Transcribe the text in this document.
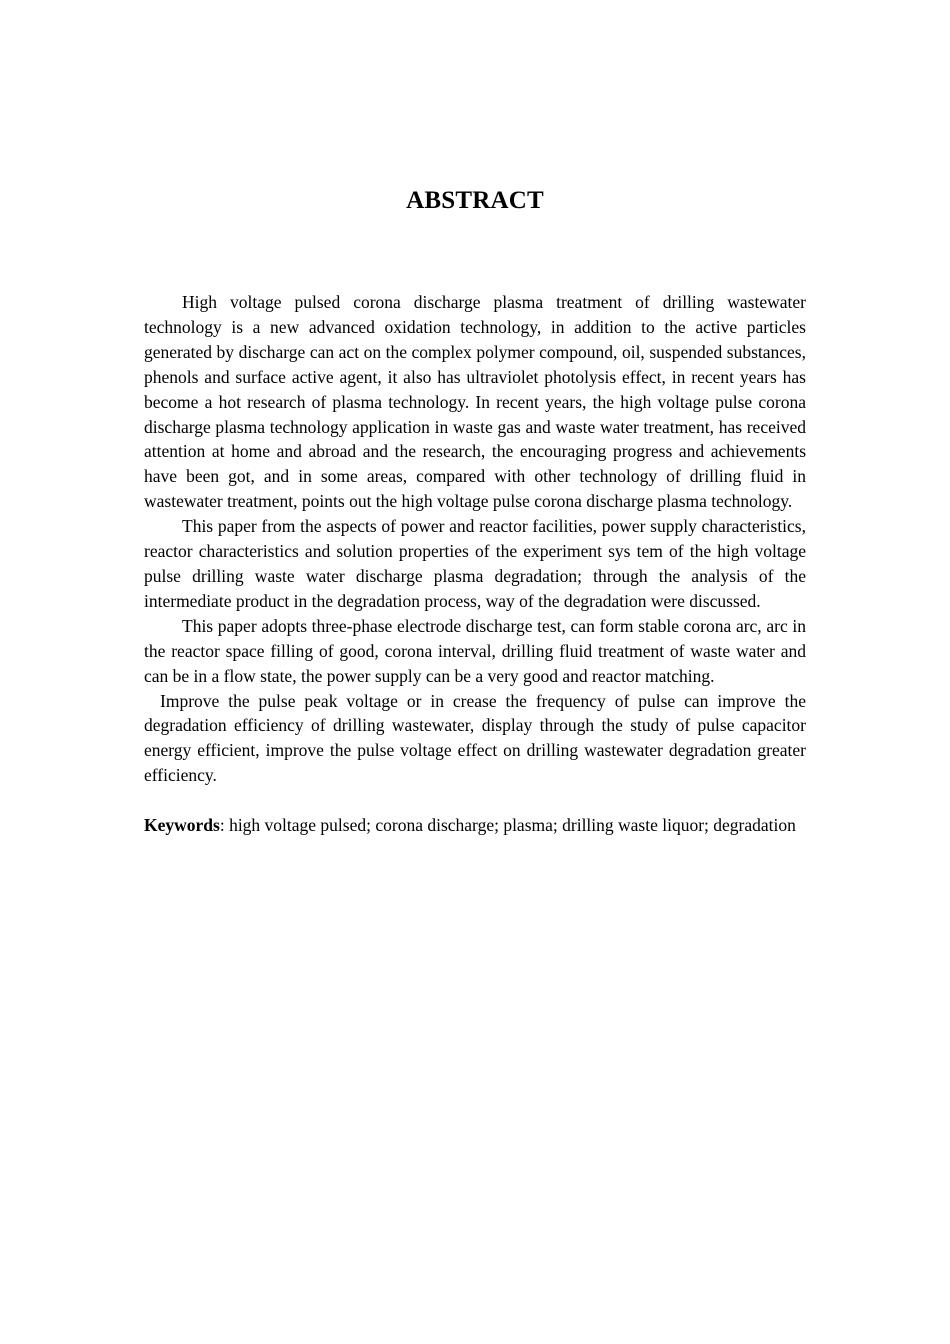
ABSTRACT

High voltage pulsed corona discharge plasma treatment of drilling wastewater technology is a new advanced oxidation technology, in addition to the active particles generated by discharge can act on the complex polymer compound, oil, suspended substances, phenols and surface active agent, it also has ultraviolet photolysis effect, in recent years has become a hot research of plasma technology. In recent years, the high voltage pulse corona discharge plasma technology application in waste gas and waste water treatment, has received attention at home and abroad and the research, the encouraging progress and achievements have been got, and in some areas, compared with other technology of drilling fluid in wastewater treatment, points out the high voltage pulse corona discharge plasma technology.

This paper from the aspects of power and reactor facilities, power supply characteristics, reactor characteristics and solution properties of the experiment sys tem of the high voltage pulse drilling waste water discharge plasma degradation; through the analysis of the intermediate product in the degradation process, way of the degradation were discussed.

This paper adopts three-phase electrode discharge test, can form stable corona arc, arc in the reactor space filling of good, corona interval, drilling fluid treatment of waste water and can be in a flow state, the power supply can be a very good and reactor matching.

Improve the pulse peak voltage or in crease the frequency of pulse can improve the degradation efficiency of drilling wastewater, display through the study of pulse capacitor energy efficient, improve the pulse voltage effect on drilling wastewater degradation greater efficiency.

Keywords: high voltage pulsed; corona discharge; plasma; drilling waste liquor; degradation
